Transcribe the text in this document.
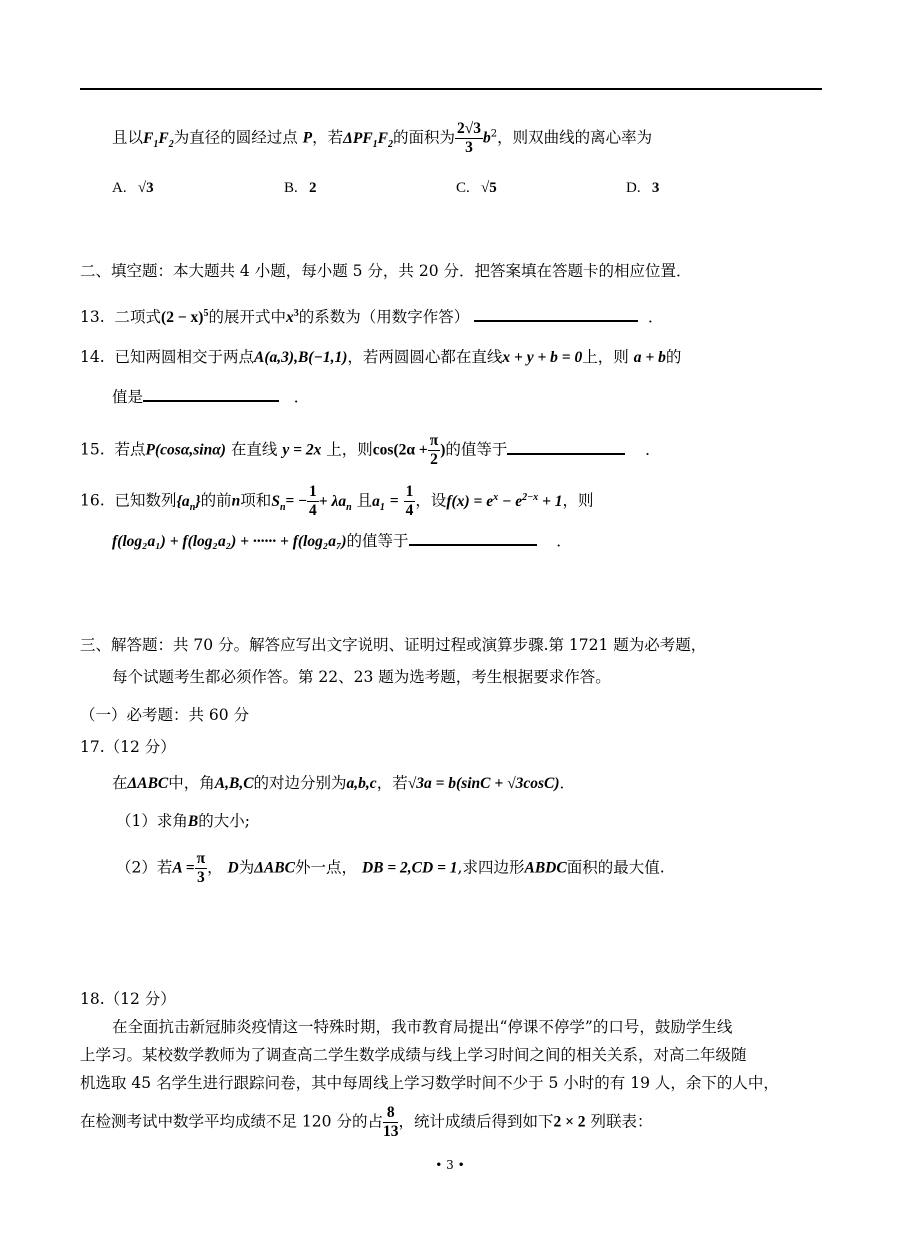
且以$F_1F_2$为直径的圆经过点 P，若$\Delta PF_1F_2$的面积为 $\frac{2√3}{3} b^2$，则双曲线的离心率为
A. √3	B. 2	C. √5	D. 3
二、填空题：本大题共 4 小题，每小题 5 分，共 20 分．把答案填在答题卡的相应位置．
13. 二项式$(2 - x)^5$的展开式中$x^3$的系数为（用数字作答）	．
14. 已知两圆相交于两点A(a,3),B(−1,1)，若两圆圆心都在直线x + y + b = 0上，则 a + b的
值是	．
15. 若点P(cosα,sinα) 在直线 y = 2x 上，则$\cos(2\alpha + \frac{\pi}{2}$ )的值等于	．
16. 已知数列$\{a_n\}$的前n项和$S_n= - \frac{1}{4} + \lambda a_n$ 且$a_1 = \frac{1}{4}$ ，设$f(x) = e^x - e^{2-x} + 1$，则
f(log₂a₁) + f(log₂a₂) + ······ + f(log₂a₇)的值等于	．
三、解答题：共 70 分。解答应写出文字说明、证明过程或演算步骤.第 1721 题为必考题，
每个试题考生都必须作答。第 22、23 题为选考题，考生根据要求作答。
（一）必考题：共 60 分
17.（12 分）
在ΔABC中，角A,B,C的对边分别为a,b,c，若√3a = b(sinC + √3cosC)．
（1）求角B的大小;
（2）若$A = \frac{\pi}{3}$ ， D为ΔABC外一点， DB = 2,CD = 1,求四边形ABDC面积的最大值.
18.（12 分）
在全面抗击新冠肺炎疫情这一特殊时期，我市教育局提出“停课不停学”的口号，鼓励学生线
上学习。某校数学教师为了调查高二学生数学成绩与线上学习时间之间的相关关系，对高二年级随
机选取 45 名学生进行跟踪问卷，其中每周线上学习数学时间不少于 5 小时的有 19 人，余下的人中，
在检测考试中数学平均成绩不足 120 分的占 $\frac{8}{13}$ ，统计成绩后得到如下2 × 2 列联表：
• 3 •
